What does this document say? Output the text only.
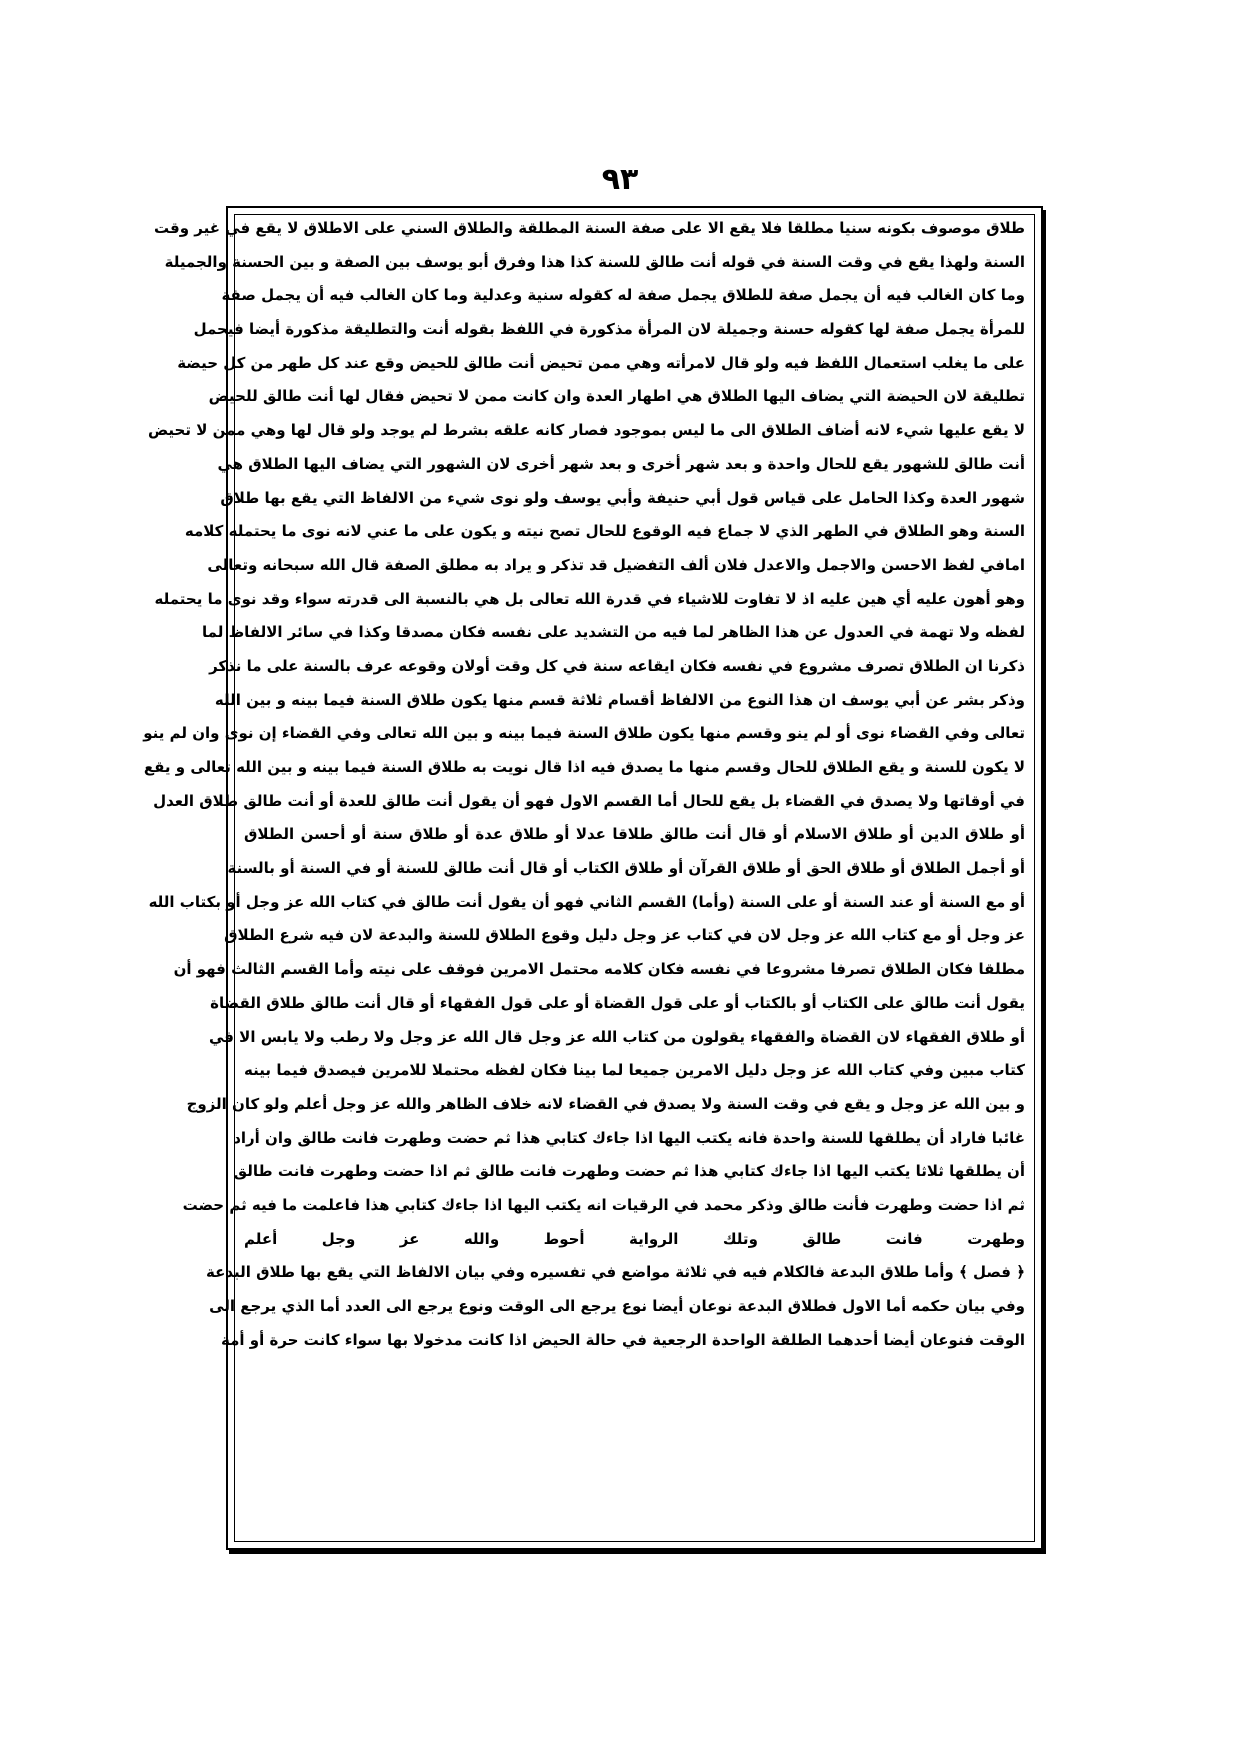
٩٣
طلاق موصوف بكونه سنيا مطلقا فلا يقع الا على صفة السنة المطلقة والطلاق السني على الاطلاق لا يقع في غير وقت
السنة ولهذا يقع في وقت السنة في قوله أنت طالق للسنة كذا هذا وفرق أبو يوسف بين الصفة و بين الحسنة والجميلة
وما كان الغالب فيه أن يجمل صفة للطلاق يجمل صفة له كقوله سنية وعدلية وما كان الغالب فيه أن يجمل صفة
للمرأة يجمل صفة لها كقوله حسنة وجميلة لان المرأة مذكورة في اللفظ بقوله أنت والتطليقة مذكورة أيضا فيحمل
على ما يغلب استعمال اللفظ فيه ولو قال لامرأته وهي ممن تحيض أنت طالق للحيض وقع عند كل طهر من كل حيضة
تطليقة لان الحيضة التي يضاف اليها الطلاق هي اطهار العدة وان كانت ممن لا تحيض فقال لها أنت طالق للحيض
لا يقع عليها شيء لانه أضاف الطلاق الى ما ليس بموجود فصار كانه علقه بشرط لم يوجد ولو قال لها وهي ممن لا تحيض
أنت طالق للشهور يقع للحال واحدة و بعد شهر أخرى و بعد شهر أخرى لان الشهور التي يضاف اليها الطلاق هي
شهور العدة وكذا الحامل على قياس قول أبي حنيفة وأبي يوسف ولو نوى شيء من الالفاظ التي يقع بها طلاق
السنة وهو الطلاق في الطهر الذي لا جماع فيه الوقوع للحال تصح نيته و يكون على ما عني لانه نوى ما يحتمله كلامه
امافي لفظ الاحسن والاجمل والاعدل فلان ألف التفضيل قد تذكر و يراد به مطلق الصفة قال الله سبحانه وتعالى
وهو أهون عليه أي هين عليه اذ لا تفاوت للاشياء في قدرة الله تعالى بل هي بالنسبة الى قدرته سواء وقد نوى ما يحتمله
لفظه ولا تهمة في العدول عن هذا الظاهر لما فيه من التشديد على نفسه فكان مصدقا وكذا في سائر الالفاظ لما
ذكرنا ان الطلاق تصرف مشروع في نفسه فكان ايقاعه سنة في كل وقت أولان وقوعه عرف بالسنة على ما نذكر
وذكر بشر عن أبي يوسف ان هذا النوع من الالفاظ أقسام ثلاثة قسم منها يكون طلاق السنة فيما بينه و بين الله
تعالى وفي القضاء نوى أو لم ينو وقسم منها يكون طلاق السنة فيما بينه و بين الله تعالى وفي القضاء إن نوى وان لم ينو
لا يكون للسنة و يقع الطلاق للحال وقسم منها ما يصدق فيه اذا قال نويت به طلاق السنة فيما بينه و بين الله تعالى و يقع
في أوقاتها ولا يصدق في القضاء بل يقع للحال أما القسم الاول فهو أن يقول أنت طالق للعدة أو أنت طالق طلاق العدل
أو طلاق الدين أو طلاق الاسلام أو قال أنت طالق طلاقا عدلا أو طلاق عدة أو طلاق سنة أو أحسن الطلاق
أو أجمل الطلاق أو طلاق الحق أو طلاق القرآن أو طلاق الكتاب أو قال أنت طالق للسنة أو في السنة أو بالسنة
أو مع السنة أو عند السنة أو على السنة (وأما) القسم الثاني فهو أن يقول أنت طالق في كتاب الله عز وجل أو بكتاب الله
عز وجل أو مع كتاب الله عز وجل لان في كتاب عز وجل دليل وقوع الطلاق للسنة والبدعة لان فيه شرع الطلاق
مطلقا فكان الطلاق تصرفا مشروعا في نفسه فكان كلامه محتمل الامرين فوقف على نيته وأما القسم الثالث فهو أن
يقول أنت طالق على الكتاب أو بالكتاب أو على قول القضاة أو على قول الفقهاء أو قال أنت طالق طلاق القضاة
أو طلاق الفقهاء لان القضاة والفقهاء يقولون من كتاب الله عز وجل قال الله عز وجل ولا رطب ولا يابس الا في
كتاب مبين وفي كتاب الله عز وجل دليل الامرين جميعا لما بينا فكان لفظه محتملا للامرين فيصدق فيما بينه
و بين الله عز وجل و يقع في وقت السنة ولا يصدق في القضاء لانه خلاف الظاهر والله عز وجل أعلم ولو كان الزوج
غائبا فاراد أن يطلقها للسنة واحدة فانه يكتب اليها اذا جاءك كتابي هذا ثم حضت وطهرت فانت طالق وان أراد
أن يطلقها ثلاثا يكتب اليها اذا جاءك كتابي هذا ثم حضت وطهرت فانت طالق ثم اذا حضت وطهرت فانت طالق
ثم اذا حضت وطهرت فأنت طالق وذكر محمد في الرقيات انه يكتب اليها اذا جاءك كتابي هذا فاعلمت ما فيه ثم حضت
وطهرت فانت طالق وتلك الرواية أحوط والله عز وجل أعلم
﴿ فصل ﴾ وأما طلاق البدعة فالكلام فيه في ثلاثة مواضع في تفسيره وفي بيان الالفاظ التي يقع بها طلاق البدعة
وفي بيان حكمه أما الاول فطلاق البدعة نوعان أيضا نوع يرجع الى الوقت ونوع يرجع الى العدد أما الذي يرجع الى
الوقت فنوعان أيضا أحدهما الطلقة الواحدة الرجعية في حالة الحيض اذا كانت مدخولا بها سواء كانت حرة أو أمة
